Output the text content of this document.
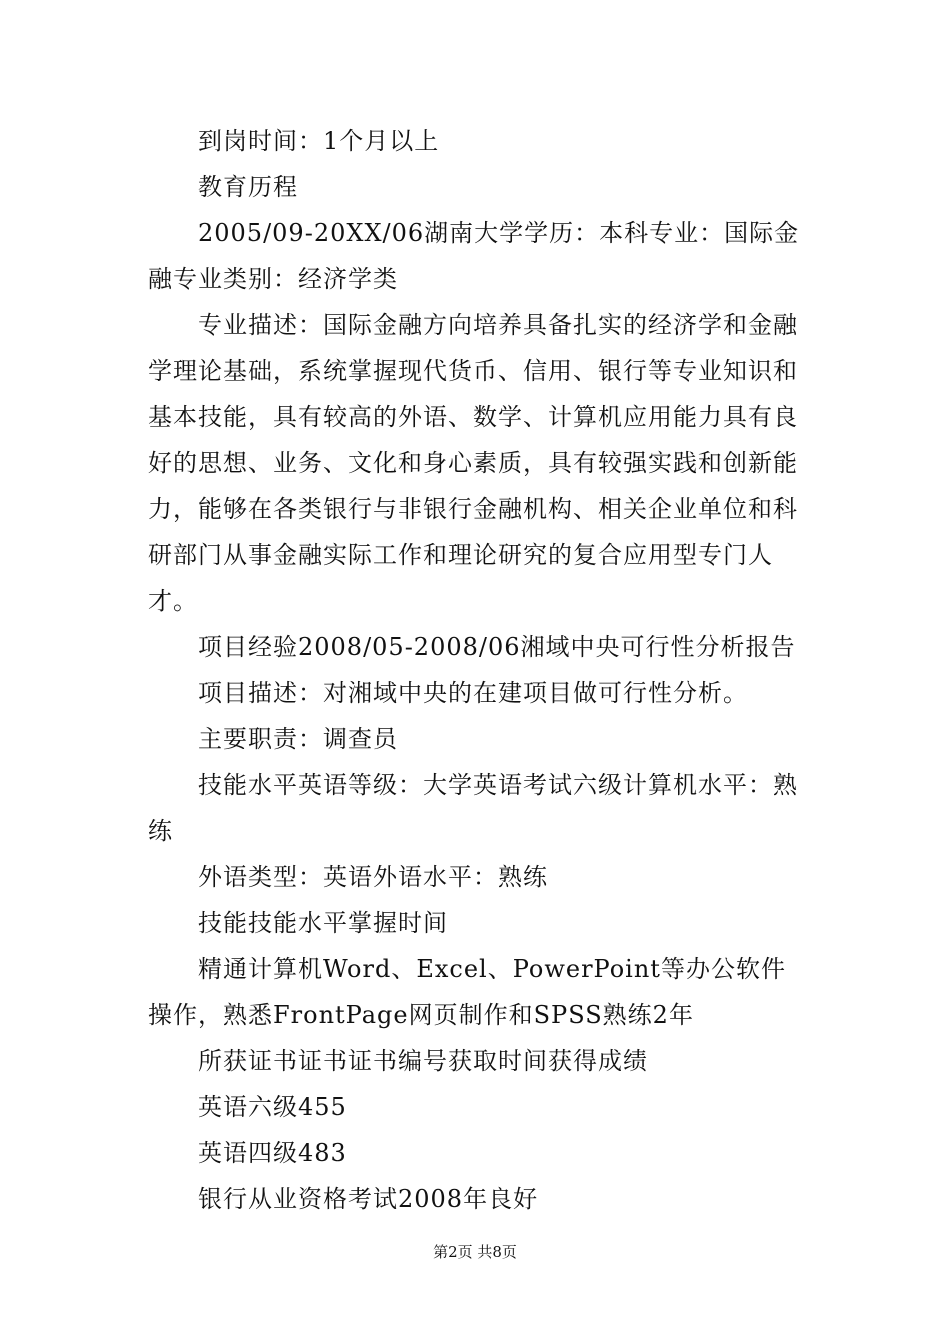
到岗时间：1个月以上

教育历程

2005/09-20XX/06湖南大学学历：本科专业：国际金融专业类别：经济学类

专业描述：国际金融方向培养具备扎实的经济学和金融学理论基础，系统掌握现代货币、信用、银行等专业知识和基本技能，具有较高的外语、数学、计算机应用能力具有良好的思想、业务、文化和身心素质，具有较强实践和创新能力，能够在各类银行与非银行金融机构、相关企业单位和科研部门从事金融实际工作和理论研究的复合应用型专门人才。

项目经验2008/05-2008/06湘域中央可行性分析报告

项目描述：对湘域中央的在建项目做可行性分析。

主要职责：调查员

技能水平英语等级：大学英语考试六级计算机水平：熟练

外语类型：英语外语水平：熟练

技能技能水平掌握时间

精通计算机Word、Excel、PowerPoint等办公软件操作，熟悉FrontPage网页制作和SPSS熟练2年

所获证书证书证书编号获取时间获得成绩

英语六级455

英语四级483

银行从业资格考试2008年良好

第2页 共8页
